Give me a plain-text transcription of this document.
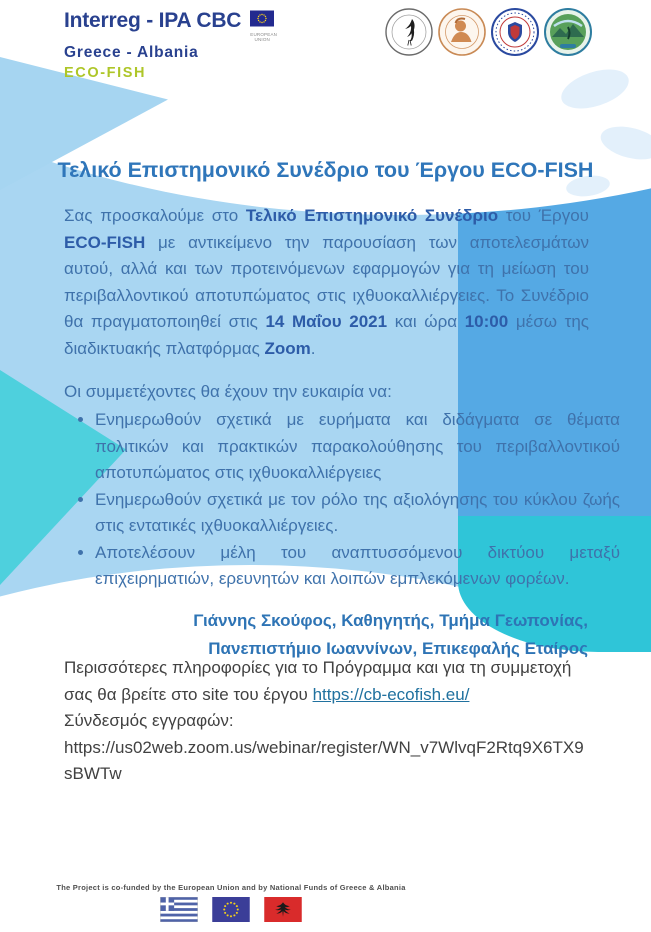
Interreg - IPA CBC
EUROPEAN UNION
Greece - Albania
ECO-FISH
Τελικό Επιστημονικό Συνέδριο του Έργου ECO-FISH
Σας προσκαλούμε στο Τελικό Επιστημονικό Συνέδριο του Έργου ECO-FISH με αντικείμενο την παρουσίαση των αποτελεσμάτων αυτού, αλλά και των προτεινόμενων εφαρμογών για τη μείωση του περιβαλλοντικού αποτυπώματος στις ιχθυοκαλλιέργειες. Το Συνέδριο θα πραγματοποιηθεί στις 14 Μαΐου 2021 και ώρα 10:00 μέσω της διαδικτυακής πλατφόρμας Zoom.
Οι συμμετέχοντες θα έχουν την ευκαιρία να:
• Ενημερωθούν σχετικά με ευρήματα και διδάγματα σε θέματα πολιτικών και πρακτικών παρακολούθησης του περιβαλλοντικού αποτυπώματος στις ιχθυοκαλλιέργειες
• Ενημερωθούν σχετικά με τον ρόλο της αξιολόγησης του κύκλου ζωής στις εντατικές ιχθυοκαλλιέργειες.
• Αποτελέσουν μέλη του αναπτυσσόμενου δικτύου μεταξύ επιχειρηματιών, ερευνητών και λοιπών εμπλεκόμενων φορέων.
Γιάννης Σκούφος, Καθηγητής, Τμήμα Γεωπονίας, Πανεπιστήμιο Ιωαννίνων, Επικεφαλής Εταίρος
Περισσότερες πληροφορίες για το Πρόγραμμα και για τη συμμετοχή σας θα βρείτε στο site του έργου https://cb-ecofish.eu/
Σύνδεσμός εγγραφών:
https://us02web.zoom.us/webinar/register/WN_v7WlvqF2Rtq9X6TX9sBWTw
The Project is co-funded by the European Union and by National Funds of Greece & Albania
